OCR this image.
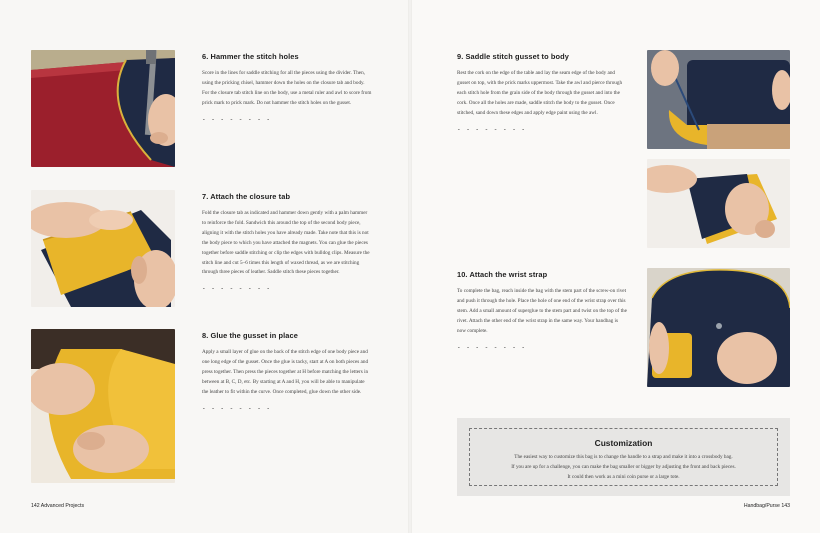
6. Hammer the stitch holes

Score in the lines for saddle stitching for all the pieces using the divider. Then, using the pricking chisel, hammer down the holes on the closure tab and body. For the closure tab stitch line on the body, use a metal ruler and awl to score from prick mark to prick mark. Do not hammer the stitch holes on the gusset.

- - - - - - - -
7. Attach the closure tab

Fold the closure tab as indicated and hammer down gently with a palm hammer to reinforce the fold. Sandwich this around the top of the second body piece, aligning it with the stitch holes you have already made. Take note that this is not the body piece to which you have attached the magnets. You can glue the pieces together before saddle stitching or clip the edges with bulldog clips. Measure the stitch line and cut 5–6 times this length of waxed thread, as we are stitching through three pieces of leather. Saddle stitch these pieces together.

- - - - - - - -
8. Glue the gusset in place

Apply a small layer of glue on the back of the stitch edge of one body piece and one long edge of the gusset. Once the glue is tacky, start at A on both pieces and press together. Then press the pieces together at H before matching the letters in between at B, C, D, etc. By starting at A and H, you will be able to manipulate the leather to fit within the curve. Once completed, glue down the other side.

- - - - - - - -
9. Saddle stitch gusset to body

Rest the cork on the edge of the table and lay the seam edge of the body and gusset on top, with the prick marks uppermost. Take the awl and pierce through each stitch hole from the grain side of the body through the gusset and into the cork. Once all the holes are made, saddle stitch the body to the gusset. Once stitched, sand down these edges and apply edge paint using the awl.

- - - - - - - -
10. Attach the wrist strap

To complete the bag, reach inside the bag with the stem part of the screw-on rivet and push it through the hole. Place the hole of one end of the wrist strap over this stem. Add a small amount of superglue to the stem part and twist on the top of the rivet. Attach the other end of the wrist strap in the same way. Your handbag is now complete.

- - - - - - - -
Customization

The easiest way to customize this bag is to change the handle to a strap and make it into a crossbody bag.

If you are up for a challenge, you can make the bag smaller or bigger by adjusting the front and back pieces.

It could then work as a mini coin purse or a large tote.

142 Advanced Projects	Handbag/Purse 143
